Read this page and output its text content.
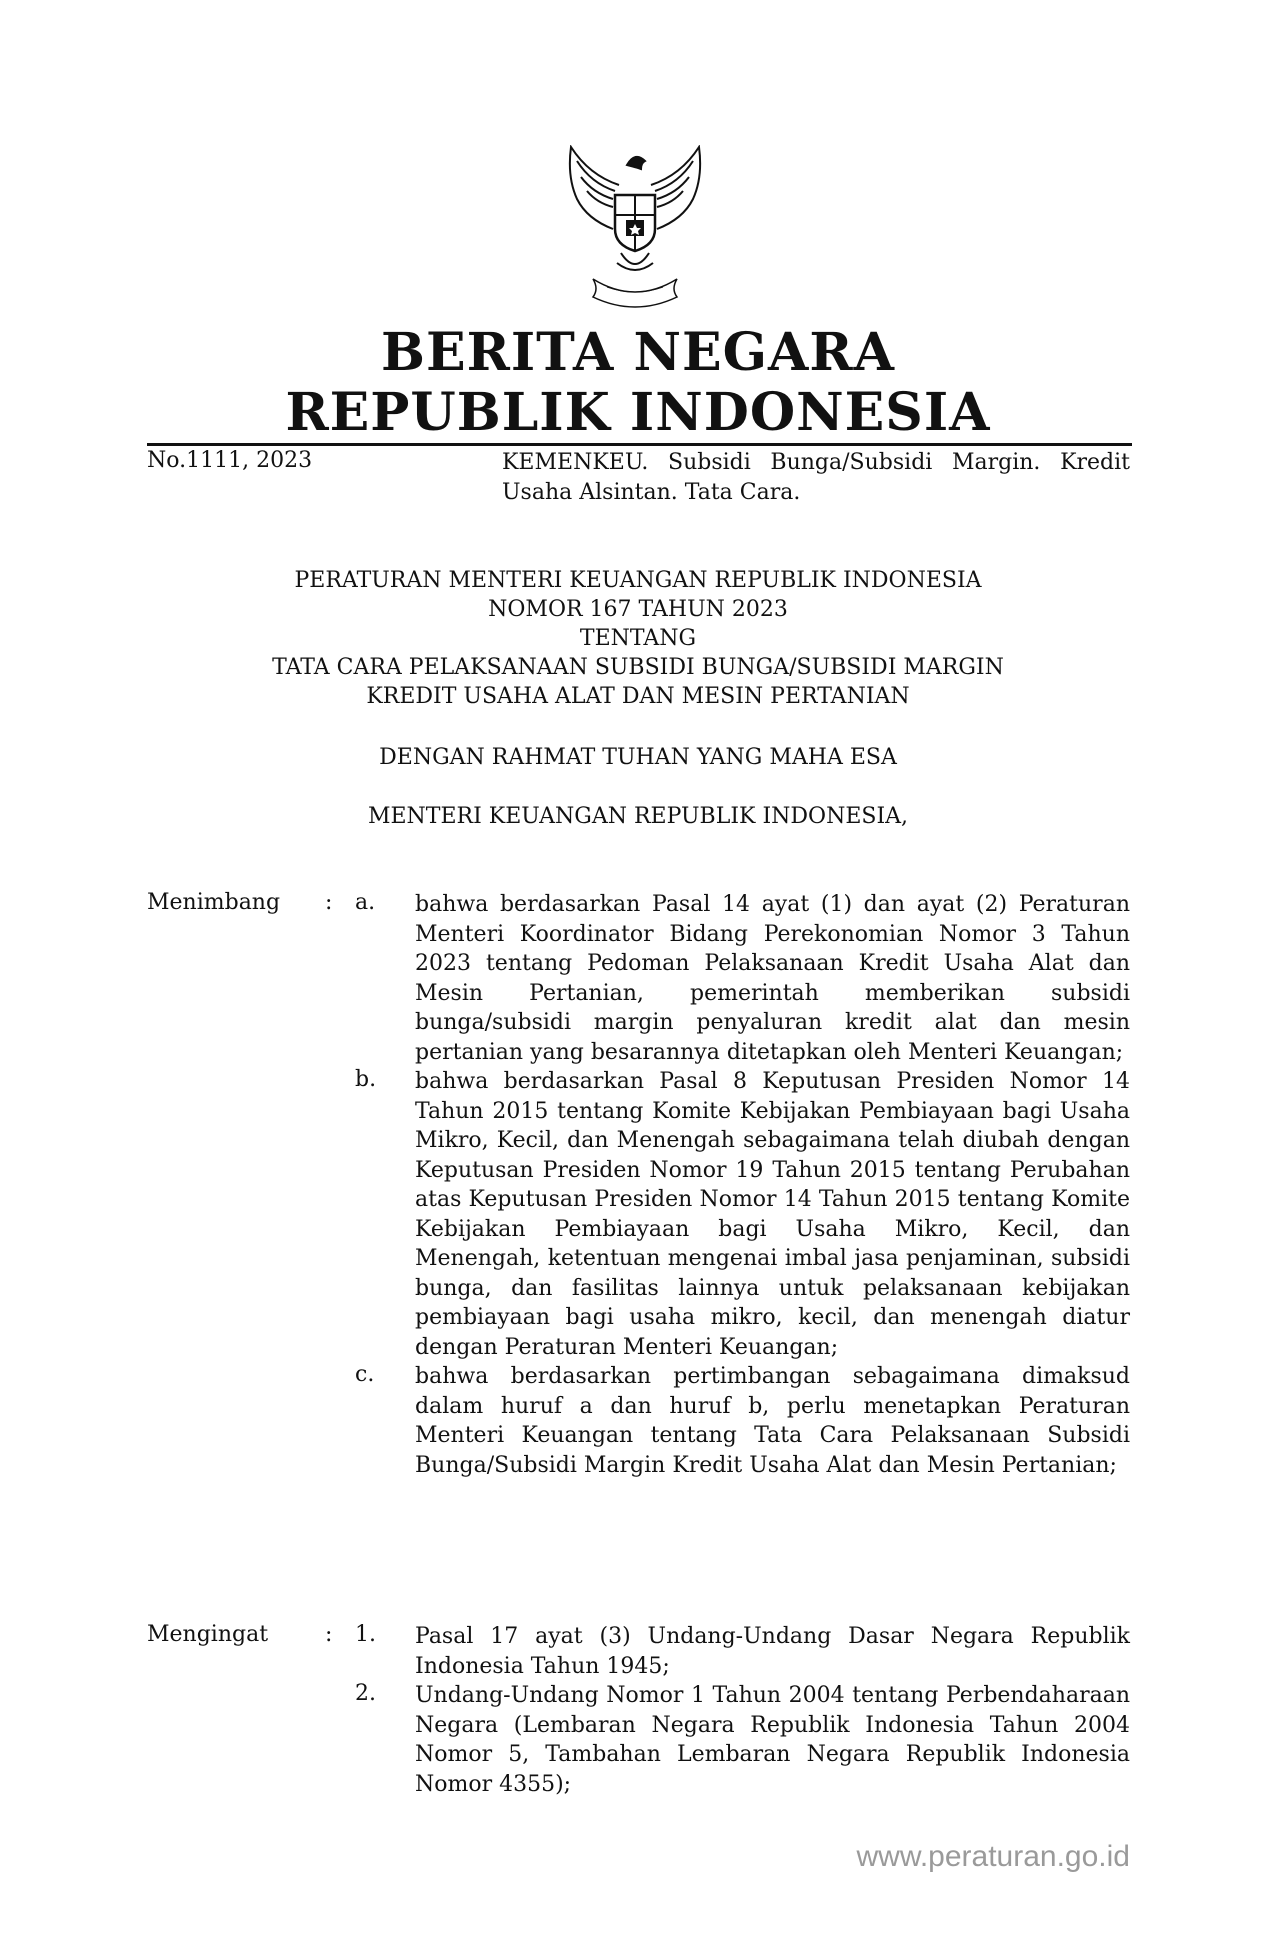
BERITA NEGARA
REPUBLIK INDONESIA
No.1111, 2023	KEMENKEU. Subsidi Bunga/Subsidi Margin. Kredit Usaha Alsintan. Tata Cara.
PERATURAN MENTERI KEUANGAN REPUBLIK INDONESIA
NOMOR 167 TAHUN 2023
TENTANG
TATA CARA PELAKSANAAN SUBSIDI BUNGA/SUBSIDI MARGIN
KREDIT USAHA ALAT DAN MESIN PERTANIAN
DENGAN RAHMAT TUHAN YANG MAHA ESA
MENTERI KEUANGAN REPUBLIK INDONESIA,
Menimbang : a. bahwa berdasarkan Pasal 14 ayat (1) dan ayat (2) Peraturan Menteri Koordinator Bidang Perekonomian Nomor 3 Tahun 2023 tentang Pedoman Pelaksanaan Kredit Usaha Alat dan Mesin Pertanian, pemerintah memberikan subsidi bunga/subsidi margin penyaluran kredit alat dan mesin pertanian yang besarannya ditetapkan oleh Menteri Keuangan;
b. bahwa berdasarkan Pasal 8 Keputusan Presiden Nomor 14 Tahun 2015 tentang Komite Kebijakan Pembiayaan bagi Usaha Mikro, Kecil, dan Menengah sebagaimana telah diubah dengan Keputusan Presiden Nomor 19 Tahun 2015 tentang Perubahan atas Keputusan Presiden Nomor 14 Tahun 2015 tentang Komite Kebijakan Pembiayaan bagi Usaha Mikro, Kecil, dan Menengah, ketentuan mengenai imbal jasa penjaminan, subsidi bunga, dan fasilitas lainnya untuk pelaksanaan kebijakan pembiayaan bagi usaha mikro, kecil, dan menengah diatur dengan Peraturan Menteri Keuangan;
c. bahwa berdasarkan pertimbangan sebagaimana dimaksud dalam huruf a dan huruf b, perlu menetapkan Peraturan Menteri Keuangan tentang Tata Cara Pelaksanaan Subsidi Bunga/Subsidi Margin Kredit Usaha Alat dan Mesin Pertanian;
Mengingat	: 1. Pasal 17 ayat (3) Undang-Undang Dasar Negara Republik Indonesia Tahun 1945;
2. Undang-Undang Nomor 1 Tahun 2004 tentang Perbendaharaan Negara (Lembaran Negara Republik Indonesia Tahun 2004 Nomor 5, Tambahan Lembaran Negara Republik Indonesia Nomor 4355);
www.peraturan.go.id
